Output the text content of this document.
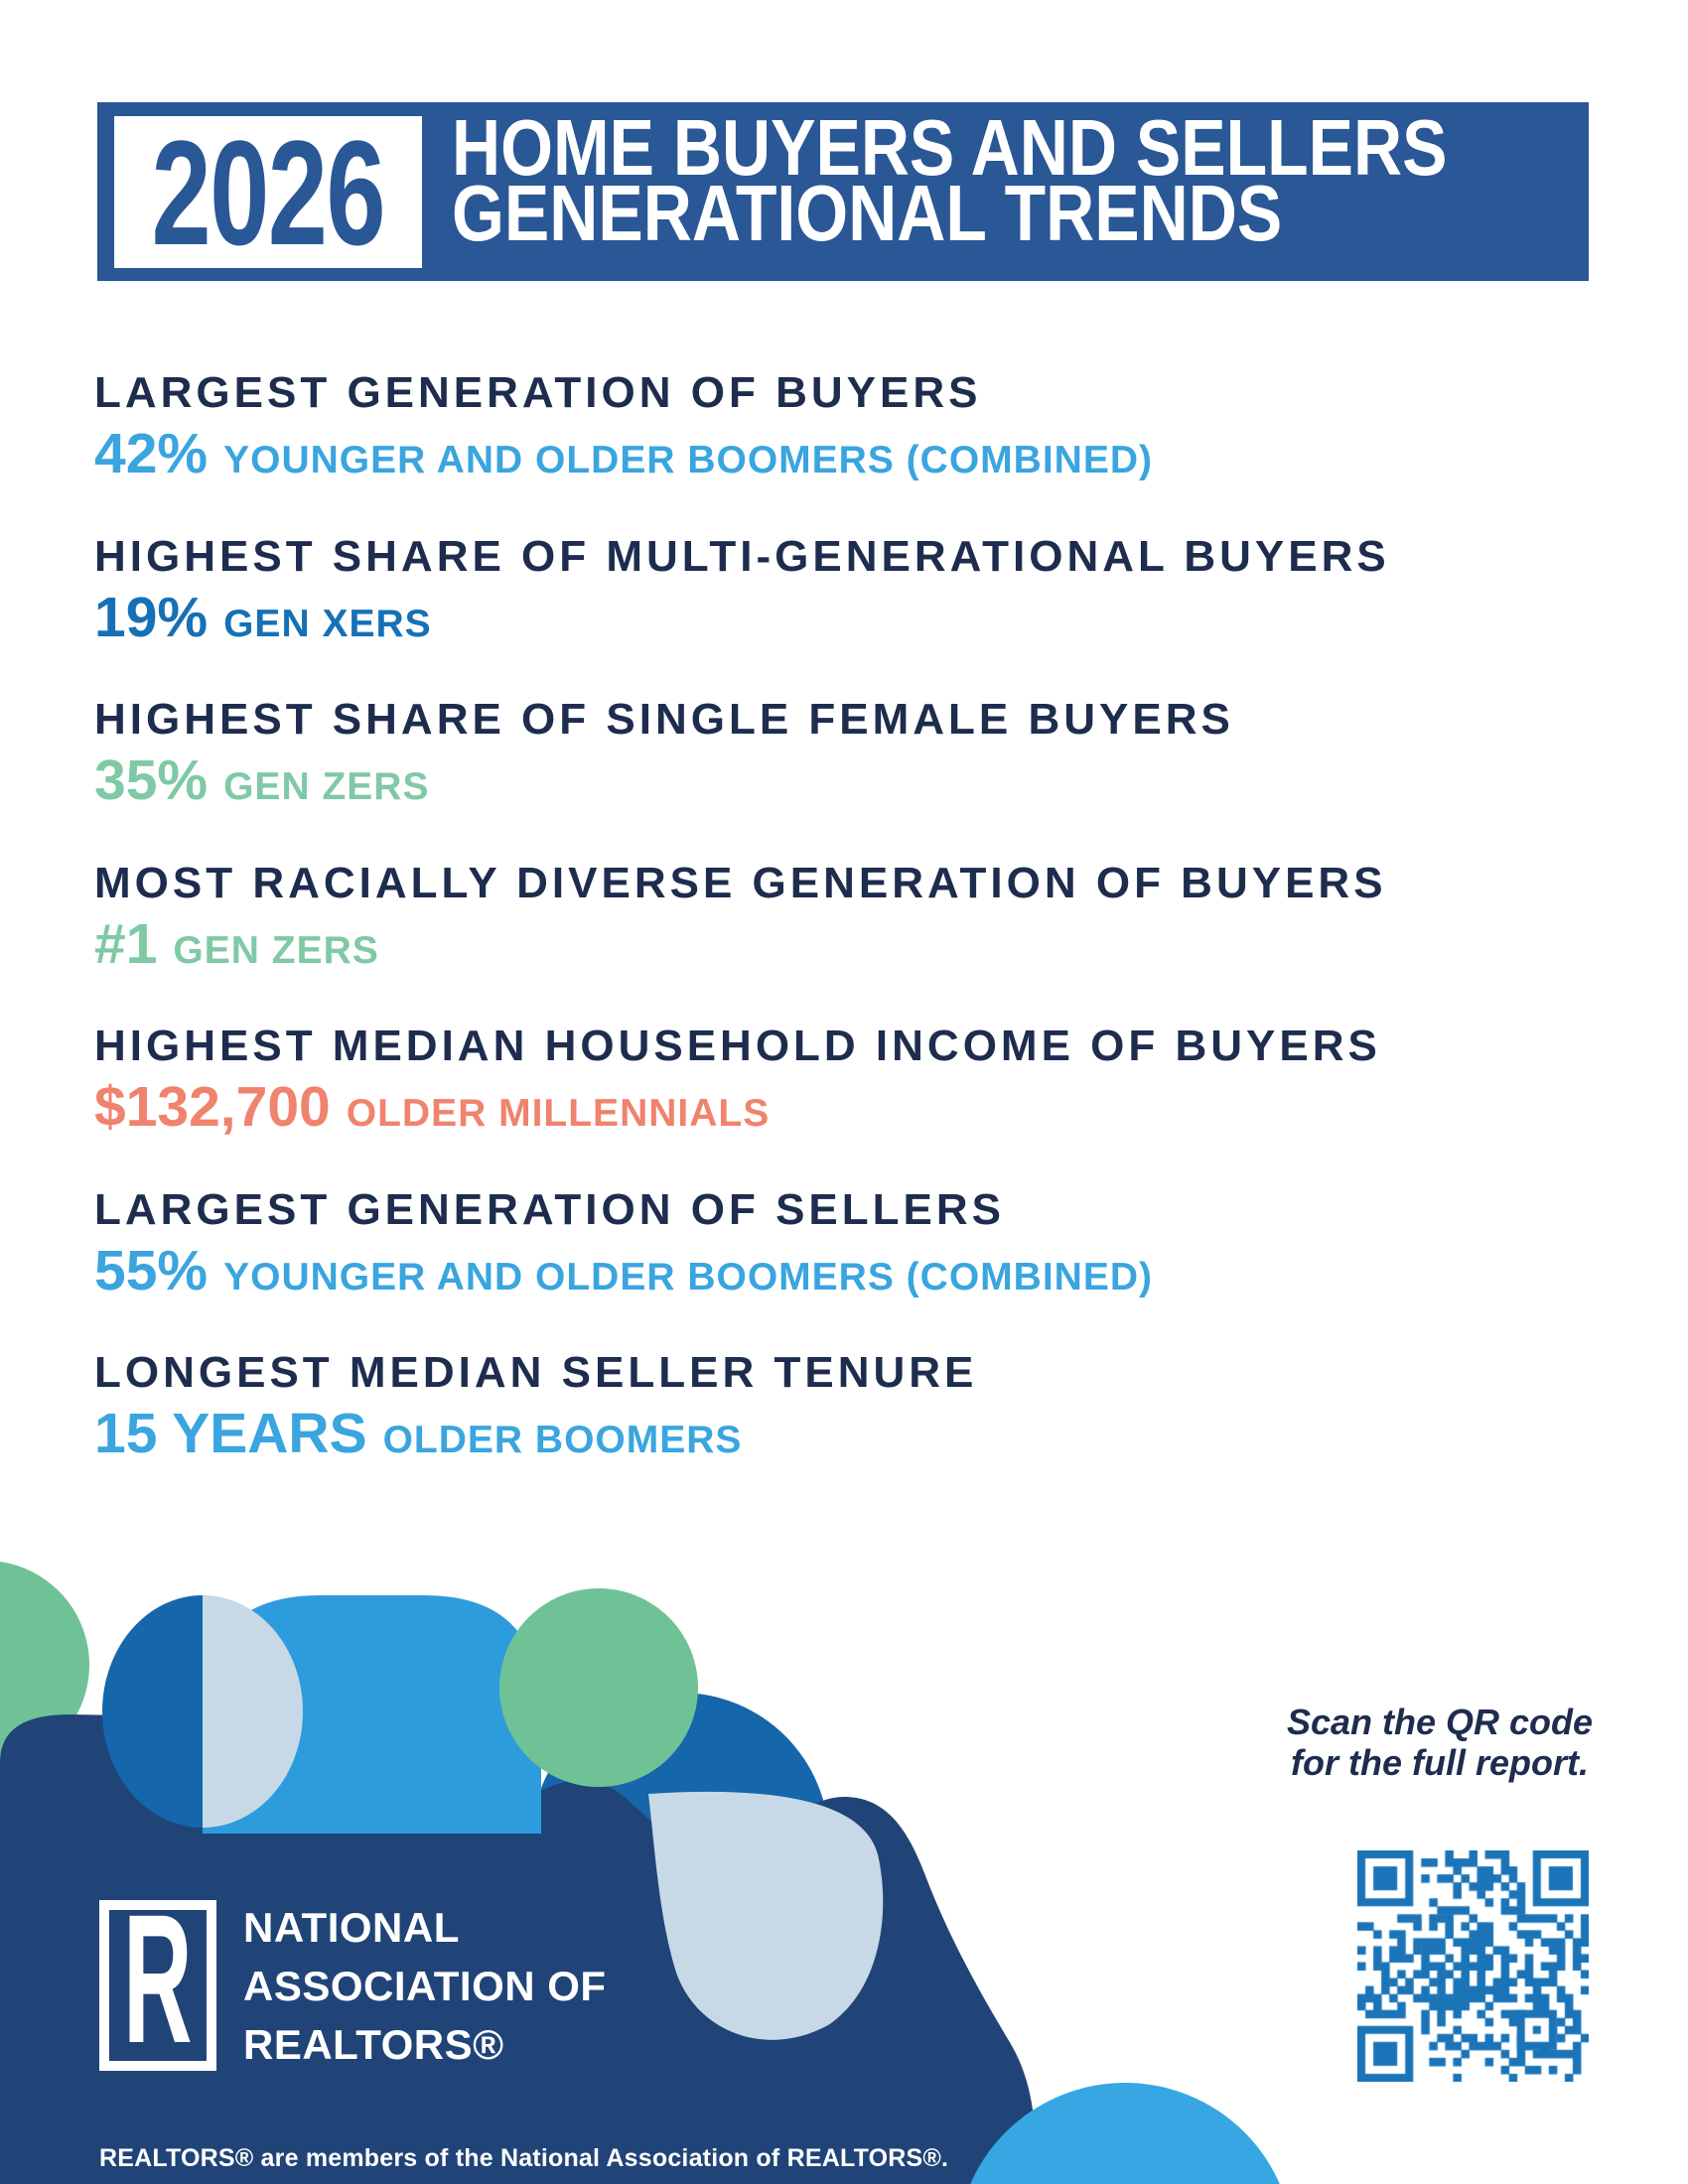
2026 HOME BUYERS AND SELLERS
GENERATIONAL TRENDS
LARGEST GENERATION OF BUYERS
42% YOUNGER AND OLDER BOOMERS (COMBINED)
HIGHEST SHARE OF MULTI-GENERATIONAL BUYERS
19% GEN XERS
HIGHEST SHARE OF SINGLE FEMALE BUYERS
35% GEN ZERS
MOST RACIALLY DIVERSE GENERATION OF BUYERS
#1 GEN ZERS
HIGHEST MEDIAN HOUSEHOLD INCOME OF BUYERS
$132,700 OLDER MILLENNIALS
LARGEST GENERATION OF SELLERS
55% YOUNGER AND OLDER BOOMERS (COMBINED)
LONGEST MEDIAN SELLER TENURE
15 YEARS OLDER BOOMERS
R NATIONAL
ASSOCIATION OF
REALTORS®
REALTORS® are members of the National Association of REALTORS®.
Scan the QR code
for the full report.
